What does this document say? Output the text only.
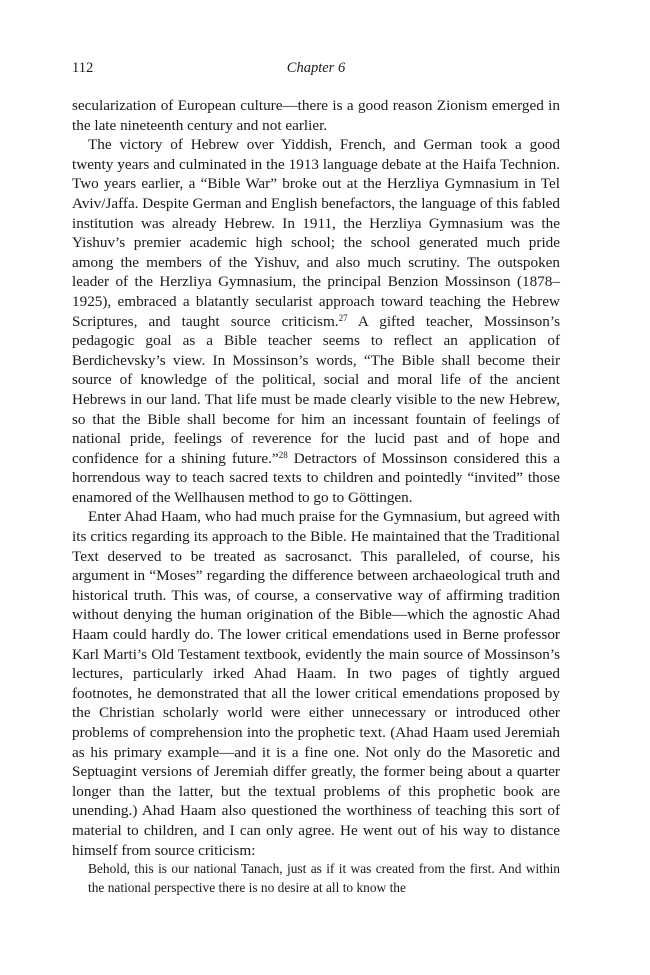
112	Chapter 6

secularization of European culture—there is a good reason Zionism emerged in the late nineteenth century and not earlier.

The victory of Hebrew over Yiddish, French, and German took a good twenty years and culminated in the 1913 language debate at the Haifa Technion. Two years earlier, a “Bible War” broke out at the Herzliya Gymnasium in Tel Aviv/Jaffa. Despite German and English benefactors, the language of this fabled institution was already Hebrew. In 1911, the Herzliya Gymnasium was the Yishuv’s premier academic high school; the school generated much pride among the members of the Yishuv, and also much scrutiny. The outspoken leader of the Herzliya Gymnasium, the principal Benzion Mossinson (1878–1925), embraced a blatantly secularist approach toward teaching the Hebrew Scriptures, and taught source criticism.$^{27}$ A gifted teacher, Mossinson’s pedagogic goal as a Bible teacher seems to reflect an application of Berdichevsky’s view. In Mossinson’s words, “The Bible shall become their source of knowledge of the political, social and moral life of the ancient Hebrews in our land. That life must be made clearly visible to the new Hebrew, so that the Bible shall become for him an incessant fountain of feelings of national pride, feelings of reverence for the lucid past and of hope and confidence for a shining future.”$^{28}$ Detractors of Mossinson considered this a horrendous way to teach sacred texts to children and pointedly “invited” those enamored of the Wellhausen method to go to Göttingen.

Enter Ahad Haam, who had much praise for the Gymnasium, but agreed with its critics regarding its approach to the Bible. He maintained that the Traditional Text deserved to be treated as sacrosanct. This paralleled, of course, his argument in “Moses” regarding the difference between archaeological truth and historical truth. This was, of course, a conservative way of affirming tradition without denying the human origination of the Bible—which the agnostic Ahad Haam could hardly do. The lower critical emendations used in Berne professor Karl Marti’s Old Testament textbook, evidently the main source of Mossinson’s lectures, particularly irked Ahad Haam. In two pages of tightly argued footnotes, he demonstrated that all the lower critical emendations proposed by the Christian scholarly world were either unnecessary or introduced other problems of comprehension into the prophetic text. (Ahad Haam used Jeremiah as his primary example—and it is a fine one. Not only do the Masoretic and Septuagint versions of Jeremiah differ greatly, the former being about a quarter longer than the latter, but the textual problems of this prophetic book are unending.) Ahad Haam also questioned the worthiness of teaching this sort of material to children, and I can only agree. He went out of his way to distance himself from source criticism:

Behold, this is our national Tanach, just as if it was created from the first. And within the national perspective there is no desire at all to know the
